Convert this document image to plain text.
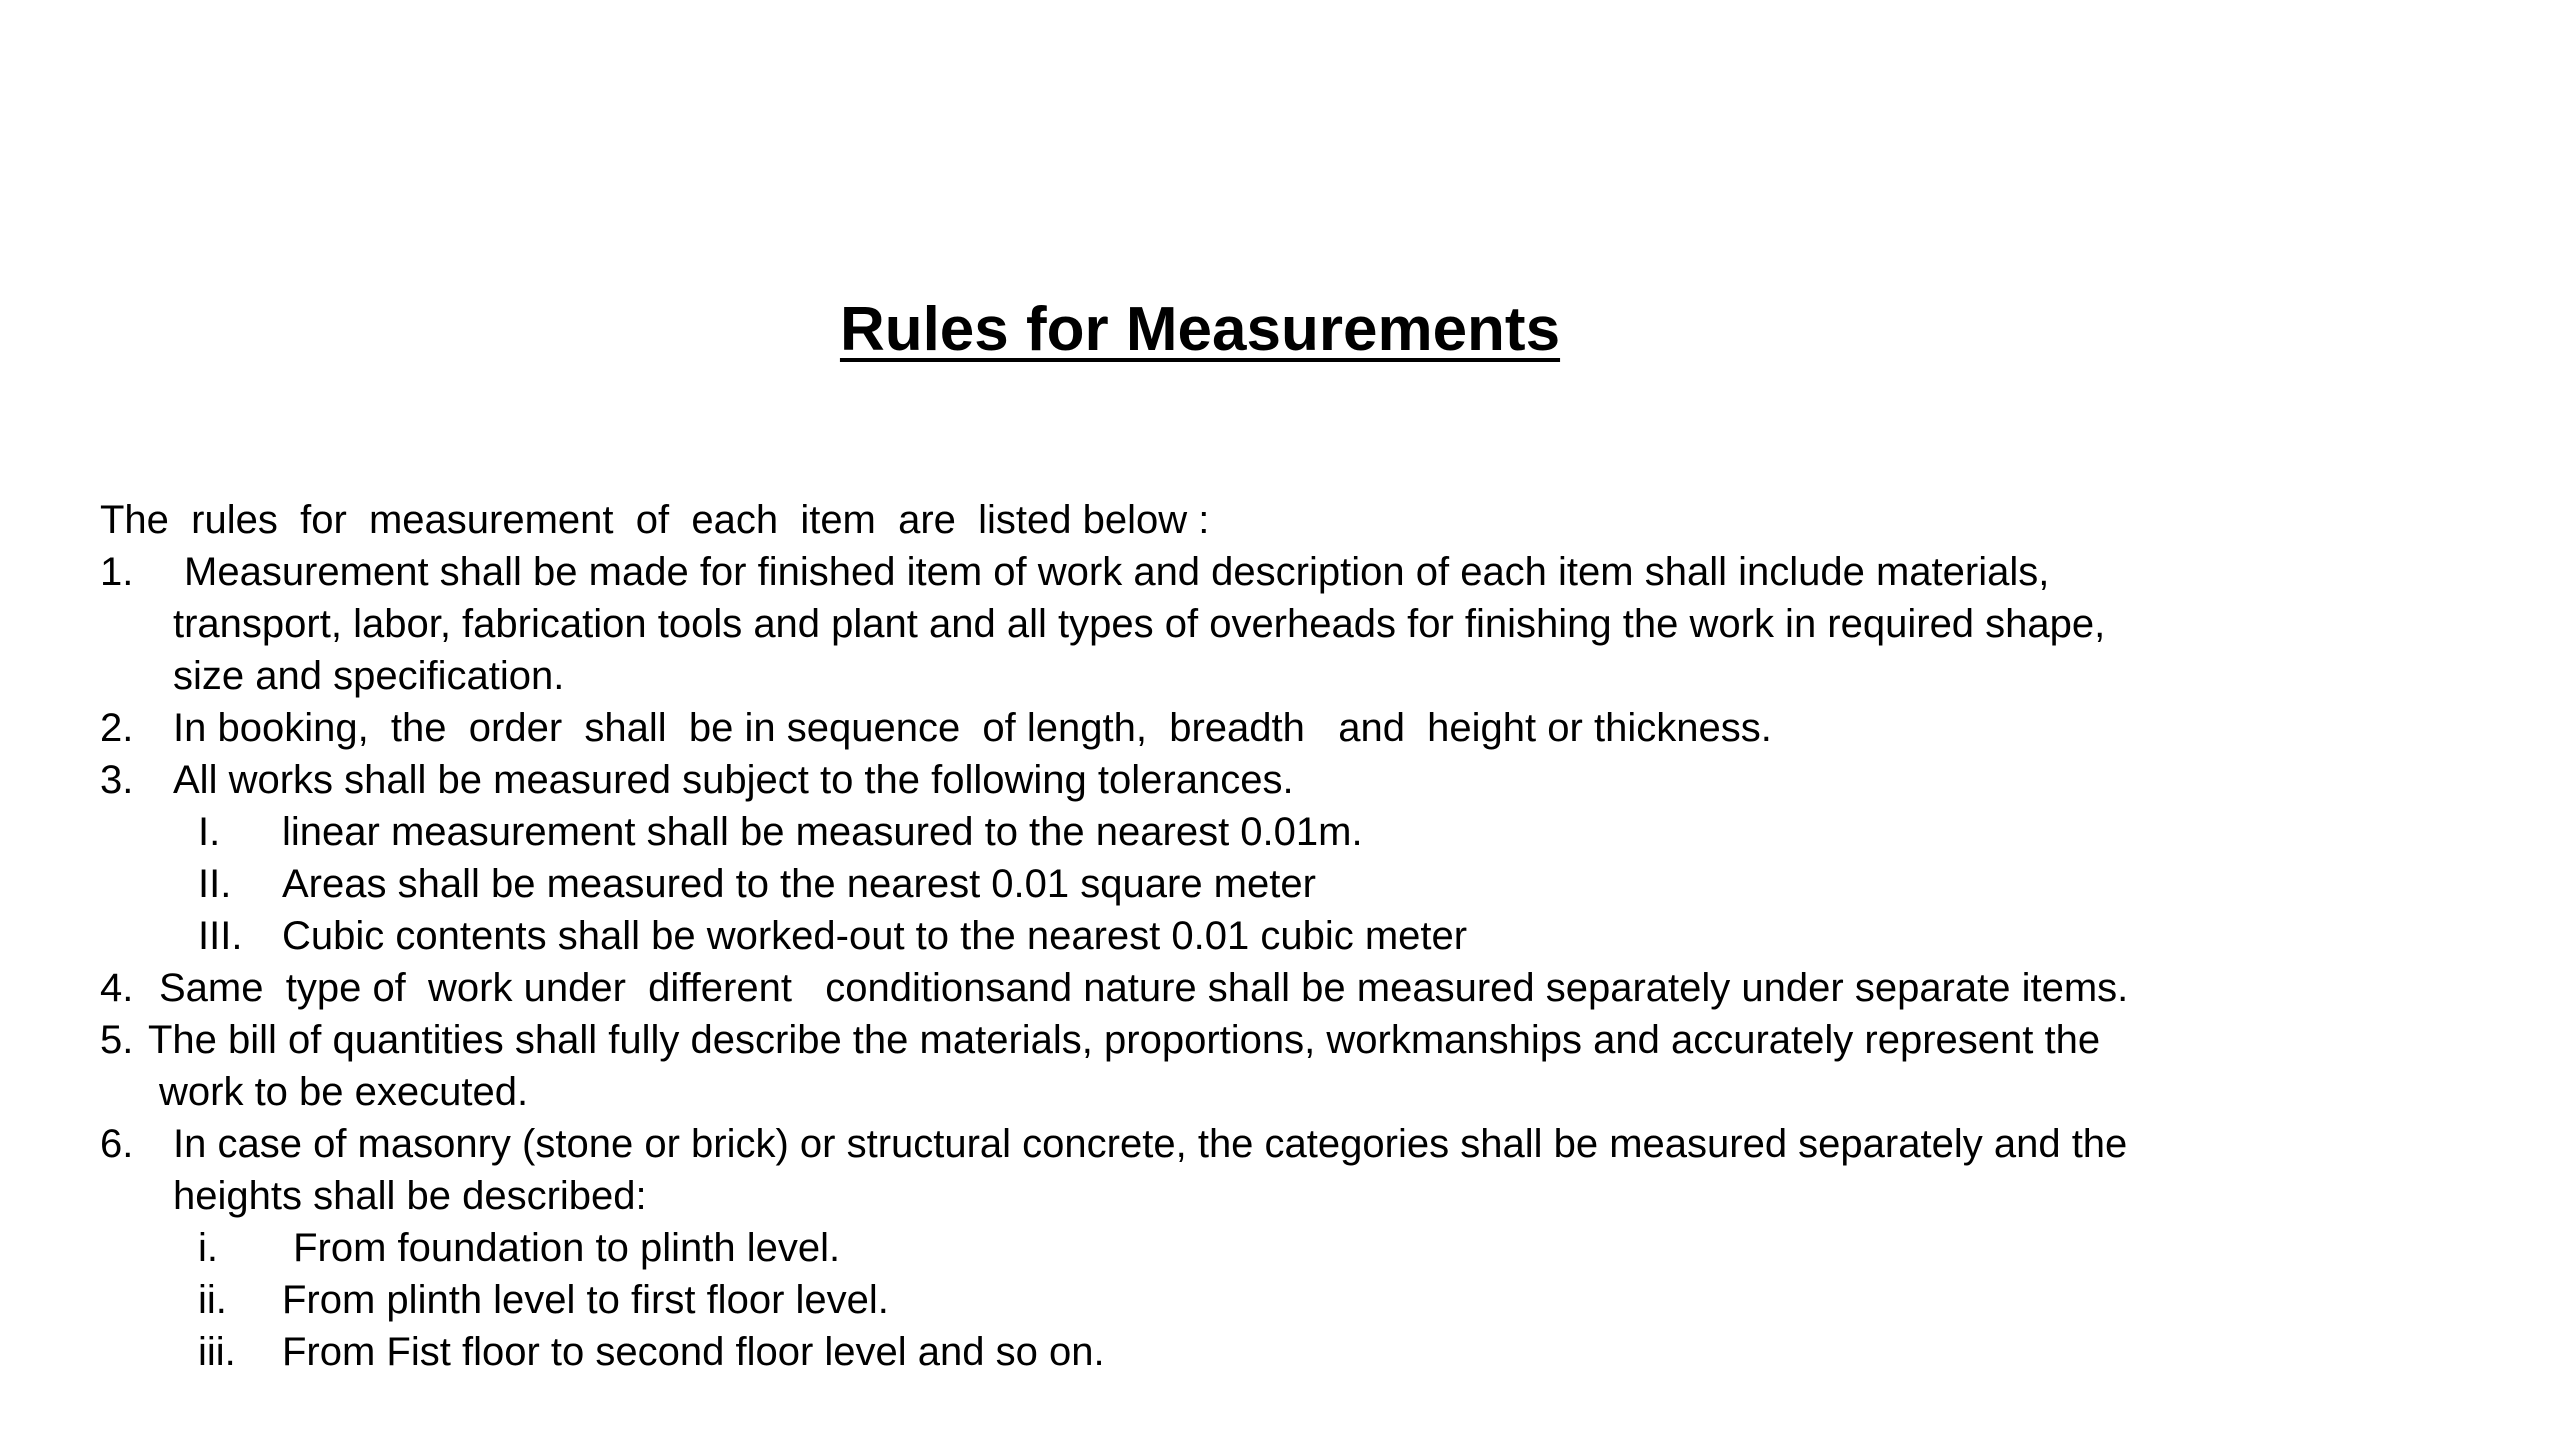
Rules for Measurements
The  rules  for  measurement  of  each  item  are  listed below :
1. Measurement shall be made for finished item of work and description of each item shall include materials,
transport, labor, fabrication tools and plant and all types of overheads for finishing the work in required shape,
size and specification.
2. In booking,  the  order  shall  be in sequence  of length,  breadth   and  height or thickness.
3. All works shall be measured subject to the following tolerances.
I. linear measurement shall be measured to the nearest 0.01m.
II. Areas shall be measured to the nearest 0.01 square meter
III. Cubic contents shall be worked-out to the nearest 0.01 cubic meter
4. Same  type of  work under  different   conditionsand nature shall be measured separately under separate items.
5. The bill of quantities shall fully describe the materials, proportions, workmanships and accurately represent the
work to be executed.
6. In case of masonry (stone or brick) or structural concrete, the categories shall be measured separately and the
heights shall be described:
i. From foundation to plinth level.
ii. From plinth level to first floor level.
iii. From Fist floor to second floor level and so on.
